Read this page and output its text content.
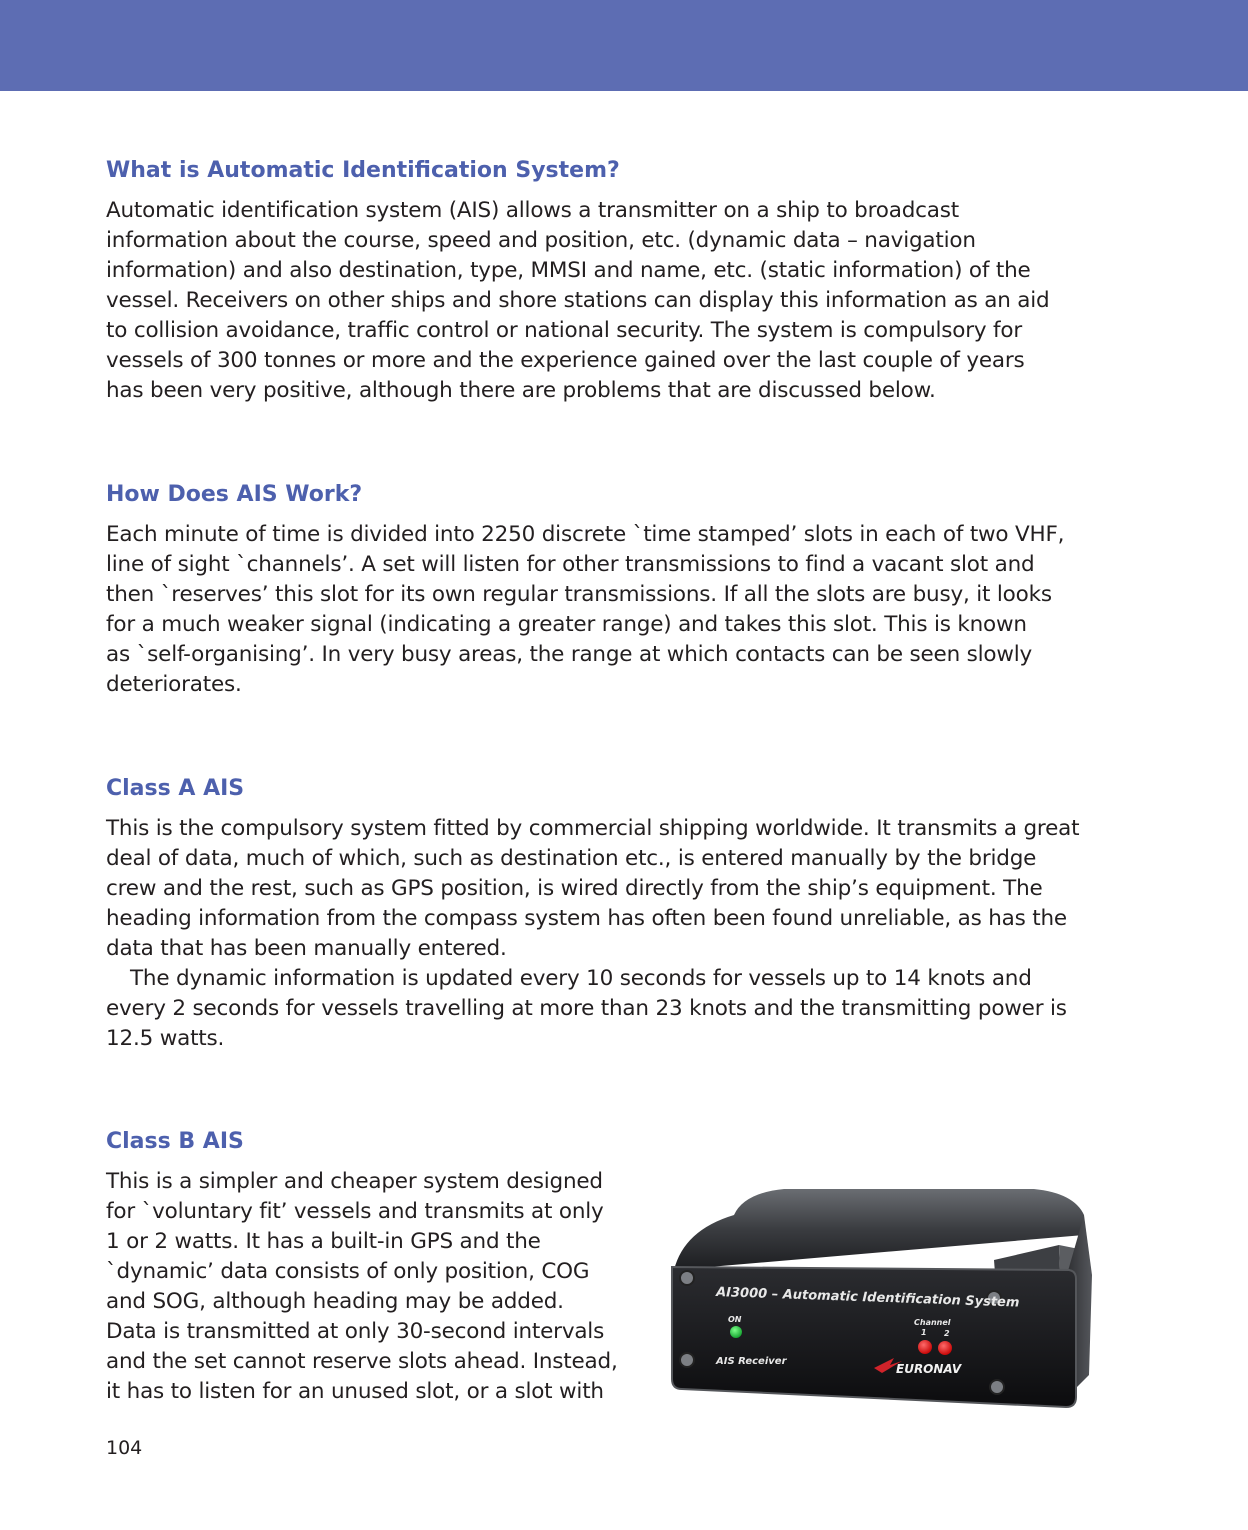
What is Automatic Identification System?

Automatic identification system (AIS) allows a transmitter on a ship to broadcast
information about the course, speed and position, etc. (dynamic data – navigation
information) and also destination, type, MMSI and name, etc. (static information) of the
vessel. Receivers on other ships and shore stations can display this information as an aid
to collision avoidance, traffic control or national security. The system is compulsory for
vessels of 300 tonnes or more and the experience gained over the last couple of years
has been very positive, although there are problems that are discussed below.

How Does AIS Work?

Each minute of time is divided into 2250 discrete `time stamped’ slots in each of two VHF,
line of sight `channels’. A set will listen for other transmissions to find a vacant slot and
then `reserves’ this slot for its own regular transmissions. If all the slots are busy, it looks
for a much weaker signal (indicating a greater range) and takes this slot. This is known
as `self-organising’. In very busy areas, the range at which contacts can be seen slowly
deteriorates.

Class A AIS

This is the compulsory system fitted by commercial shipping worldwide. It transmits a great
deal of data, much of which, such as destination etc., is entered manually by the bridge
crew and the rest, such as GPS position, is wired directly from the ship’s equipment. The
heading information from the compass system has often been found unreliable, as has the
data that has been manually entered.
The dynamic information is updated every 10 seconds for vessels up to 14 knots and
every 2 seconds for vessels travelling at more than 23 knots and the transmitting power is
12.5 watts.

Class B AIS

This is a simpler and cheaper system designed
for `voluntary fit’ vessels and transmits at only
1 or 2 watts. It has a built-in GPS and the
`dynamic’ data consists of only position, COG
and SOG, although heading may be added.
Data is transmitted at only 30-second intervals
and the set cannot reserve slots ahead. Instead,
it has to listen for an unused slot, or a slot with

AI3000 – Automatic Identification System
ON	Channel
1 2
AIS Receiver
EURONAV
104
